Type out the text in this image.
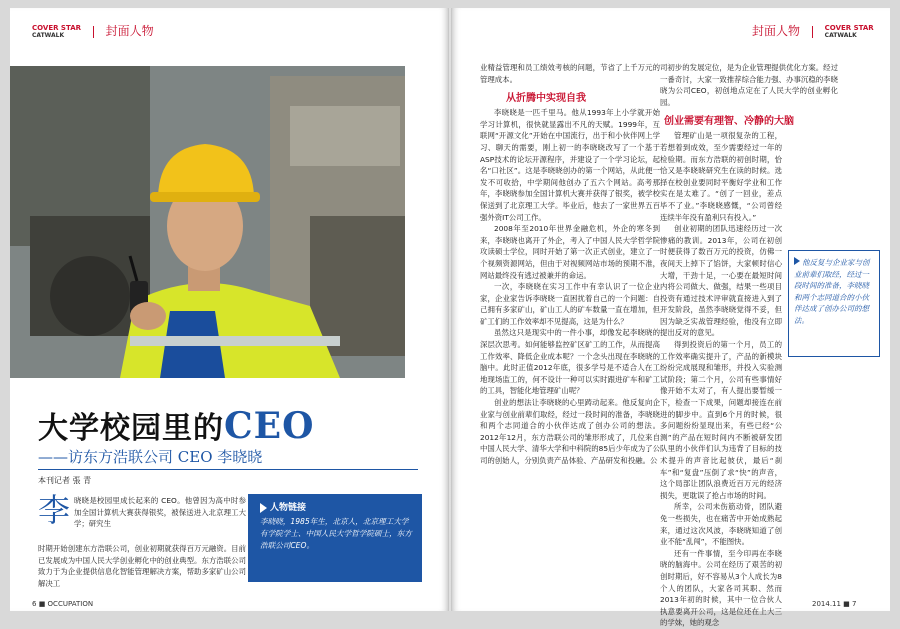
COVER STAR
CATWALK	封面人物
大学校园里的CEO
——访东方浩联公司 CEO 李晓晓
本刊记者 張 青
李 晓晓是校园里成长起来的 CEO。他曾因为高中时参加全国计算机大赛获得银奖，被保送进入北京理工大学；研究生
时期开始创建东方浩联公司，创业初期就获得百万元融资。目前已发展成为中国人民大学创业孵化中的创业典型。东方浩联公司致力于为企业提供信息化智能管理解决方案，帮助多家矿山公司解决工
人物链接
李晓晓，1985年生，北京人，北京理工大学有学院学士、中国人民大学哲学院硕士，东方浩联公司CEO。
6 ■ OCCUPATION
封面人物	COVER STAR
CATWALK
2014.11 ■ 7
业精益管理和员工绩效考核的问题，节省了上千万元的管理成本。
从折腾中实现自我
李晓晓是一匹千里马。他从1993年上小学就开始学习计算机，很快就显露出不凡的天赋。1999年，互联网“开源文化”开始在中国流行，出于和小伙伴网上学习、聊天的需要，刚上初一的李晓晓改写了一个基于ASP技术的论坛开源程序，并建设了一个学习论坛，起名“口社区”。这是李晓晓创办的第一个网站，从此便一发不可收拾，中学期间他创办了五六个网站。高考那年，李晓晓参加全国计算机大赛并获得了银奖，被学校保送到了北京理工大学。毕业后，他去了一家世界五百强外资IT公司工作。
2008年至2010年世界金融危机，外企的寒冬到来，李晓晓也离开了外企，考入了中国人民大学哲学院攻读硕士学位，同时开始了第一次正式创业，建立了一个视频资源网站，但由于对视频网站市场的预期不准，网站最终没有逃过被兼并的命运。
一次，李晓晓在实习工作中有幸认识了一位企业家，企业家告诉李晓晓一直困扰着自己的一个问题：自己拥有多家矿山，矿山工人的矿车数量一直在增加，但矿工们的工作效率却不见提高，这是为什么？
虽然这只是现实中的一件小事，却像发起李晓晓的深层次思考。如何能够监控矿区矿工的工作，从而提高工作效率、降低企业成本呢？一个念头出现在李晓晓的脑中。此时正值2012年底，很多学号是不适合人在工地现场监工的，何不设计一种可以实时跟进矿车和矿工的工具，智能化地管理矿山呢？
创业的想法让李晓晓的心里踌动起来。他反复向企业家与创业前辈们取经，经过一段时间的准备，李晓晓和两个志同道合的小伙伴达成了创办公司的想法。2012年12月，东方浩联公司的雏形形成了，几位来自中国人民大学、清华大学和中科院的85后少年成为了公司的创始人，分别负责产品体验、产品研发和投融。公
司初步的发展定位，是为企业管理提供优化方案。经过一番奇讨，大家一致推荐综合能力强、办事沉稳的李晓晓为公司CEO，初创地点定在了人民大学的创业孵化园。
创业需要有理智、冷静的大脑
管理矿山是一项很复杂的工程，若想着到成效，至少需要经过一年的检验期。而东方浩联的初创时期，恰恰又是李晓晓研究生在读的时候。选择在校创业要同时平衡好学业和工作实在是太难了。“创了一回业，差点毕不了业。”李晓晓感慨，“公司曾经连续半年没有盈利只有投入。”
创业初期的团队迅速经历过一次惨痛的教训。2013年，公司在初创时便获得了数百万元的投资，仿佛一夜间天上掉下了馅饼，大家顿时信心大增，干劲十足，一心要在最短时间内将公司做大、做强，结果一些项目投资有通过技术评审就直接进入到了开发阶段，虽然李晓晓觉得不妥，但因为缺乏实战管理经验，他没有立即提出反对的意见。
得到投资后的第一个月，员工的工作效率确实提升了，产品的新模块纷纷完成展现和雏形，并投入实验测试阶段；第二个月，公司有些事情好像开始不太对了，有人提出要暂缓一下，检查一下成果，问题却接连在前进的脚步中。直到6个月的时候，很多问题纷纷显现出来，有些已经“公测”的产品在短时间内不断被研发团队里的小伙伴们认为违背了目标的技术提升的声音比起彼伏，最后“刹车”和“复盘”压倒了求“快”的声音，这个局部让团队浪费近百万元的经济损失，更耽误了抢占市场的时间。
所幸，公司未伤筋动骨，团队避免一些损失，也在痛苦中开始成熟起来，通过这次风波，李晓晓知道了创业不能“乱闯”，不能图快。
还有一件事情，至今印再在李晓晓的脑海中。公司在经历了艰苦的初创时期后，好不容易从3个人成长为8个人的团队，大家各司其职、然而2013年初的时候，其中一位合伙人执意要离开公司，这是位还在上大三的学妹，她的观念
他反复与企业家与创业前辈们取经，经过一段时间的准备，李晓晓和两个志同道合的小伙伴达成了创办公司的想法。
